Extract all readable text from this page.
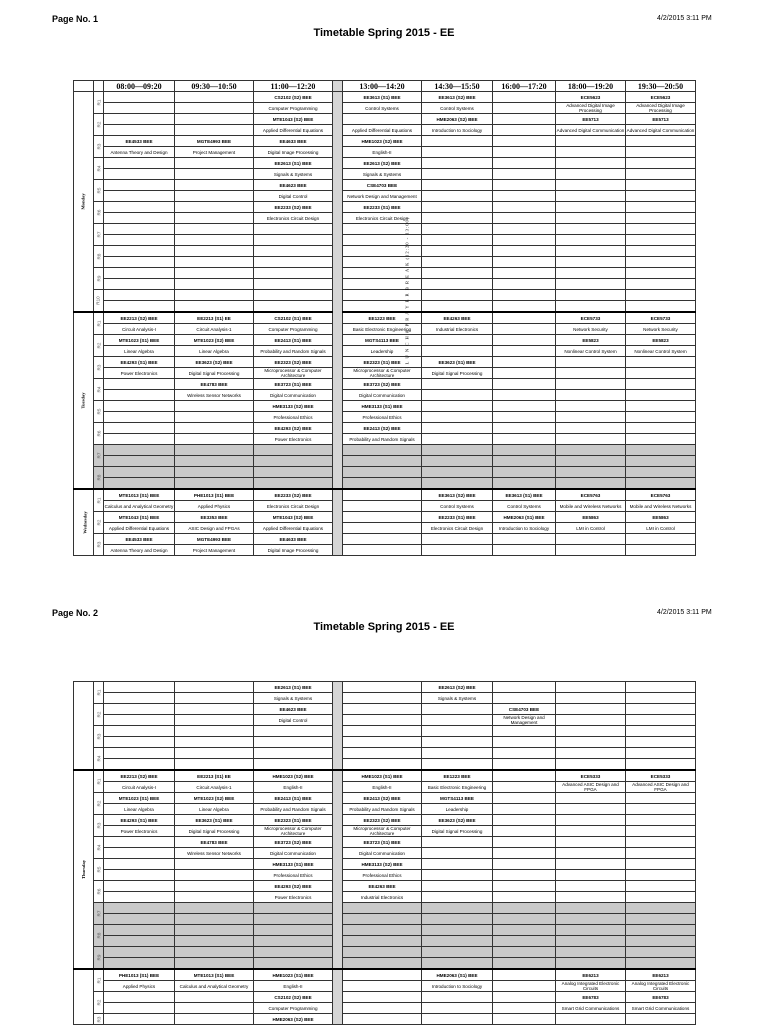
Page No. 1	4/2/2015 3:11 PM
Timetable Spring 2015 - EE
		08:00—09:20	09:30—10:50	11:00—12:20		13:00—14:20	14:30—15:50	16:00—17:20	18:00—19:20	19:30—20:50
Monday	R1			CS2102 (S2) BEE	L U N C H & P R A Y E R B R E A K (12:20 - 13:00)	EE3613 (S1) BEE	EE3613 (S2) BEE		ECE5623	ECE5623
				Computer Programming		Control Systems	Control Systems		Advanced Digital Image Processing	Advanced Digital Image Processing
	R2			MTE1043 (S2) BEE			HME2063 (S2) BEE		EE5713	EE5713
				Applied Differential Equations		Applied Differential Equations	Introduction to Sociology		Advanced Digital Communication	Advanced Digital Communication
	R3	EE4533 BEE	MGTE4993 BEE	EE4633 BEE		HME1023 (S2) BEE				
		Antenna Theory and Design	Project Management	Digital Image Processing		English-II				
	R4			EE2613 (S1) BEE		EE2613 (S2) BEE				
				Signals & Systems		Signals & Systems				
	R5			EE4623 BEE		CSE4703 BEE				
				Digital Control		Network Design and Management				
	R6			EE2233 (S2) BEE		EE2233 (S1) BEE				
				Electronics Circuit Design		Electronics Circuit Design				
	R7									

	R8									

	R9									

	R10									

Tuesday	R1	EE2213 (S2) BEE	EE2213 (S1) EE	CS2102 (S1) BEE		EE1223 BEE	EE4263 BEE		ECE5733	ECE5733
		Circuit Analysis-I	Circuit Analysis-1	Computer Programming		Basic Electronic Engineering	Industrial Electronics		Network Security	Network Security
	R2	MTE1023 (S1) BEE	MTE1023 (S2) BEE	EE2413 (S1) BEE		MGTS4113 BEE			EE5823	EE5823
		Linear Algebra	Linear Algebra	Probability and Random Signals		Leadership			Nonlinear Control System	Nonlinear Control System
	R3	EE4293 (S1) BEE	EE3623 (S2) BEE	EE2323 (S2) BEE		EE2323 (S1) BEE	EE3623 (S1) BEE			
		Power Electronics	Digital Signal Processing	Microprocessor & Computer Architecture		Microprocessor & Computer Architecture	Digital Signal Processing			
	R4		EE4783 BEE	EE3723 (S1) BEE		EE3723 (S2) BEE				
			Wireless Sensor Networks	Digital Communication		Digital Communication				
	R5			HME3133 (S2) BEE		HME3133 (S1) BEE				
				Professional Ethics		Professional Ethics				
	R6			EE4293 (S2) BEE		EE2413 (S2) BEE				
				Power Electronics		Probability and Random Signals				
	R7									

	R8									

Wednesday	R1	MTE1013 (S1) BEE	PHE1013 (S1) BEE	EE2233 (S2) BEE			EE3613 (S2) BEE	EE3613 (S1) BEE	ECE5763	ECE5763
		Calculus and Analytical Geometry	Applied Physics	Electronics Circuit Design			Control Systems	Control Systems	Mobile and Wireless Networks	Mobile and Wireless Networks
	R2	MTE1043 (S1) BEE	EE3353 BEE	MTE1043 (S2) BEE			EE2233 (S1) BEE	HME2063 (S1) BEE	EE5863	EE5863
		Applied Differential Equations	ASIC Design and FPGAs	Applied Differential Equations			Electronics Circuit Design	Introduction to Sociology	LMI in Control	LMI in Control
	R3	EE4533 BEE	MGTE4993 BEE	EE4633 BEE						
		Antenna Theory and Design	Project Management	Digital Image Processing						
Page No. 2	4/2/2015 3:11 PM
Timetable Spring 2015 - EE
	R1			EE2613 (S1) BEE			EE2613 (S2) BEE			
				Signals & Systems			Signals & Systems			
	R2			EE4623 BEE				CSE4703 BEE		
				Digital Control				Network Design and Management		
	R3									

	R4									

Thursday	R1	EE2213 (S2) BEE	EE2213 (S1) EE	HME1023 (S2) BEE		HME1023 (S1) BEE	EE1223 BEE		ECE5333	ECE5333
		Circuit Analysis-I	Circuit Analysis-1	English-II		English-II	Basic Electronic Engineering		Advanced ASIC Design and FPGA	Advanced ASIC Design and FPGA
	R2	MTE1023 (S1) BEE	MTE1023 (S2) BEE	EE2413 (S1) BEE		EE2413 (S2) BEE	MGTS4113 BEE			
		Linear Algebra	Linear Algebra	Probability and Random Signals		Probability and Random Signals	Leadership			
	R3	EE4293 (S1) BEE	EE3623 (S1) BEE	EE2323 (S1) BEE		EE2323 (S2) BEE	EE3623 (S2) BEE			
		Power Electronics	Digital Signal Processing	Microprocessor & Computer Architecture		Microprocessor & Computer Architecture	Digital Signal Processing			
	R4		EE4783 BEE	EE3723 (S2) BEE		EE3723 (S1) BEE				
			Wireless Sensor Networks	Digital Communication		Digital Communication				
	R5			HME3133 (S1) BEE		HME3133 (S2) BEE				
				Professional Ethics		Professional Ethics				
	R6			EE4293 (S2) BEE		EE4263 BEE				
				Power Electronics		Industrial Electronics				
	R7									

	R8									

	R9									

	R1	PHE1013 (S1) BEE	MTE1013 (S1) BEE	HME1023 (S1) BEE			HME2063 (S1) BEE		EE6213	EE6213
		Applied Physics	Calculus and Analytical Geometry	English-II			Introduction to Sociology		Analog Integrated Electronic Circuits	Analog Integrated Electronic Circuits
	R2			CS2102 (S2) BEE					EE6783	EE6783
				Computer Programming					Smart Grid Communications	Smart Grid Communications
	R3			HME2063 (S2) BEE						
